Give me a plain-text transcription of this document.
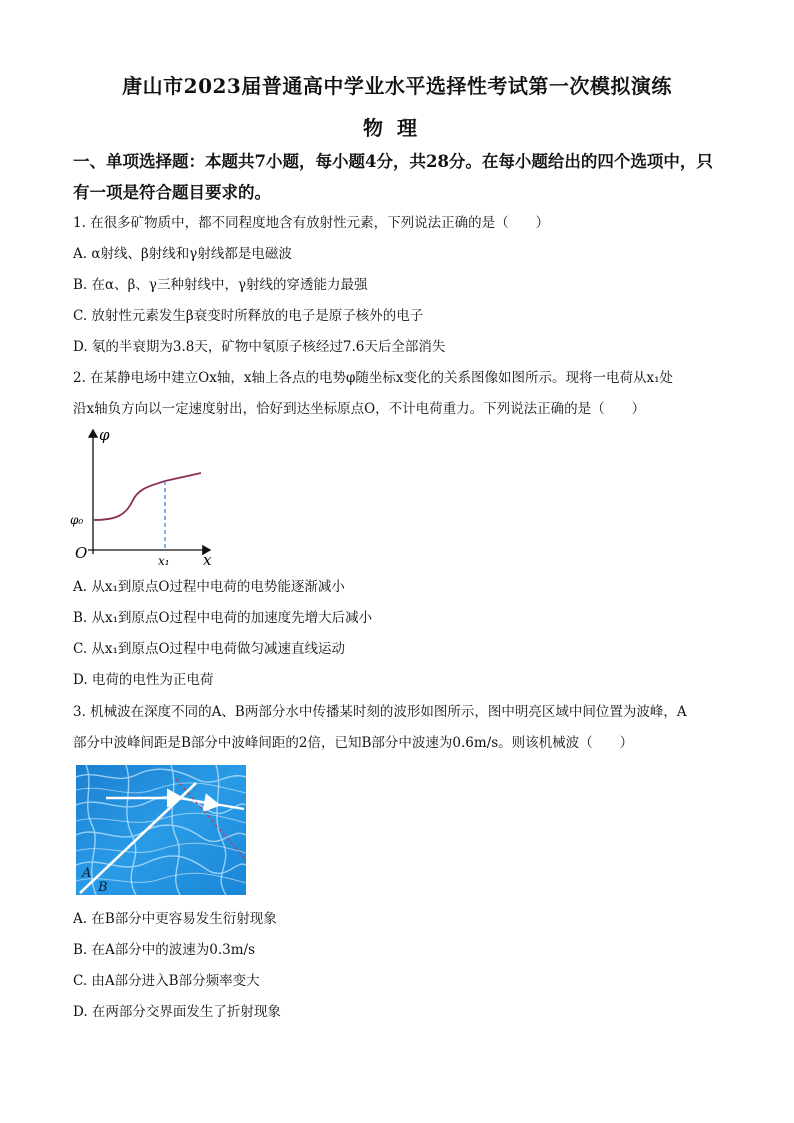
唐山市2023届普通高中学业水平选择性考试第一次模拟演练
物理
一、单项选择题：本题共7小题，每小题4分，共28分。在每小题给出的四个选项中，只
有一项是符合题目要求的。
1. 在很多矿物质中，都不同程度地含有放射性元素，下列说法正确的是（　　）
A. α射线、β射线和γ射线都是电磁波
B. 在α、β、γ三种射线中，γ射线的穿透能力最强
C. 放射性元素发生β衰变时所释放的电子是原子核外的电子
D. 氡的半衰期为3.8天，矿物中氡原子核经过7.6天后全部消失
2. 在某静电场中建立Ox轴，x轴上各点的电势φ随坐标x变化的关系图像如图所示。现将一电荷从x₁处
沿x轴负方向以一定速度射出，恰好到达坐标原点O，不计电荷重力。下列说法正确的是（　　）
φ
x
O
φ₀
x₁
A. 从x₁到原点O过程中电荷的电势能逐渐减小
B. 从x₁到原点O过程中电荷的加速度先增大后减小
C. 从x₁到原点O过程中电荷做匀减速直线运动
D. 电荷的电性为正电荷
3. 机械波在深度不同的A、B两部分水中传播某时刻的波形如图所示，图中明亮区域中间位置为波峰，A
部分中波峰间距是B部分中波峰间距的2倍，已知B部分中波速为0.6m/s。则该机械波（　　）
A
B
A. 在B部分中更容易发生衍射现象
B. 在A部分中的波速为0.3m/s
C. 由A部分进入B部分频率变大
D. 在两部分交界面发生了折射现象
